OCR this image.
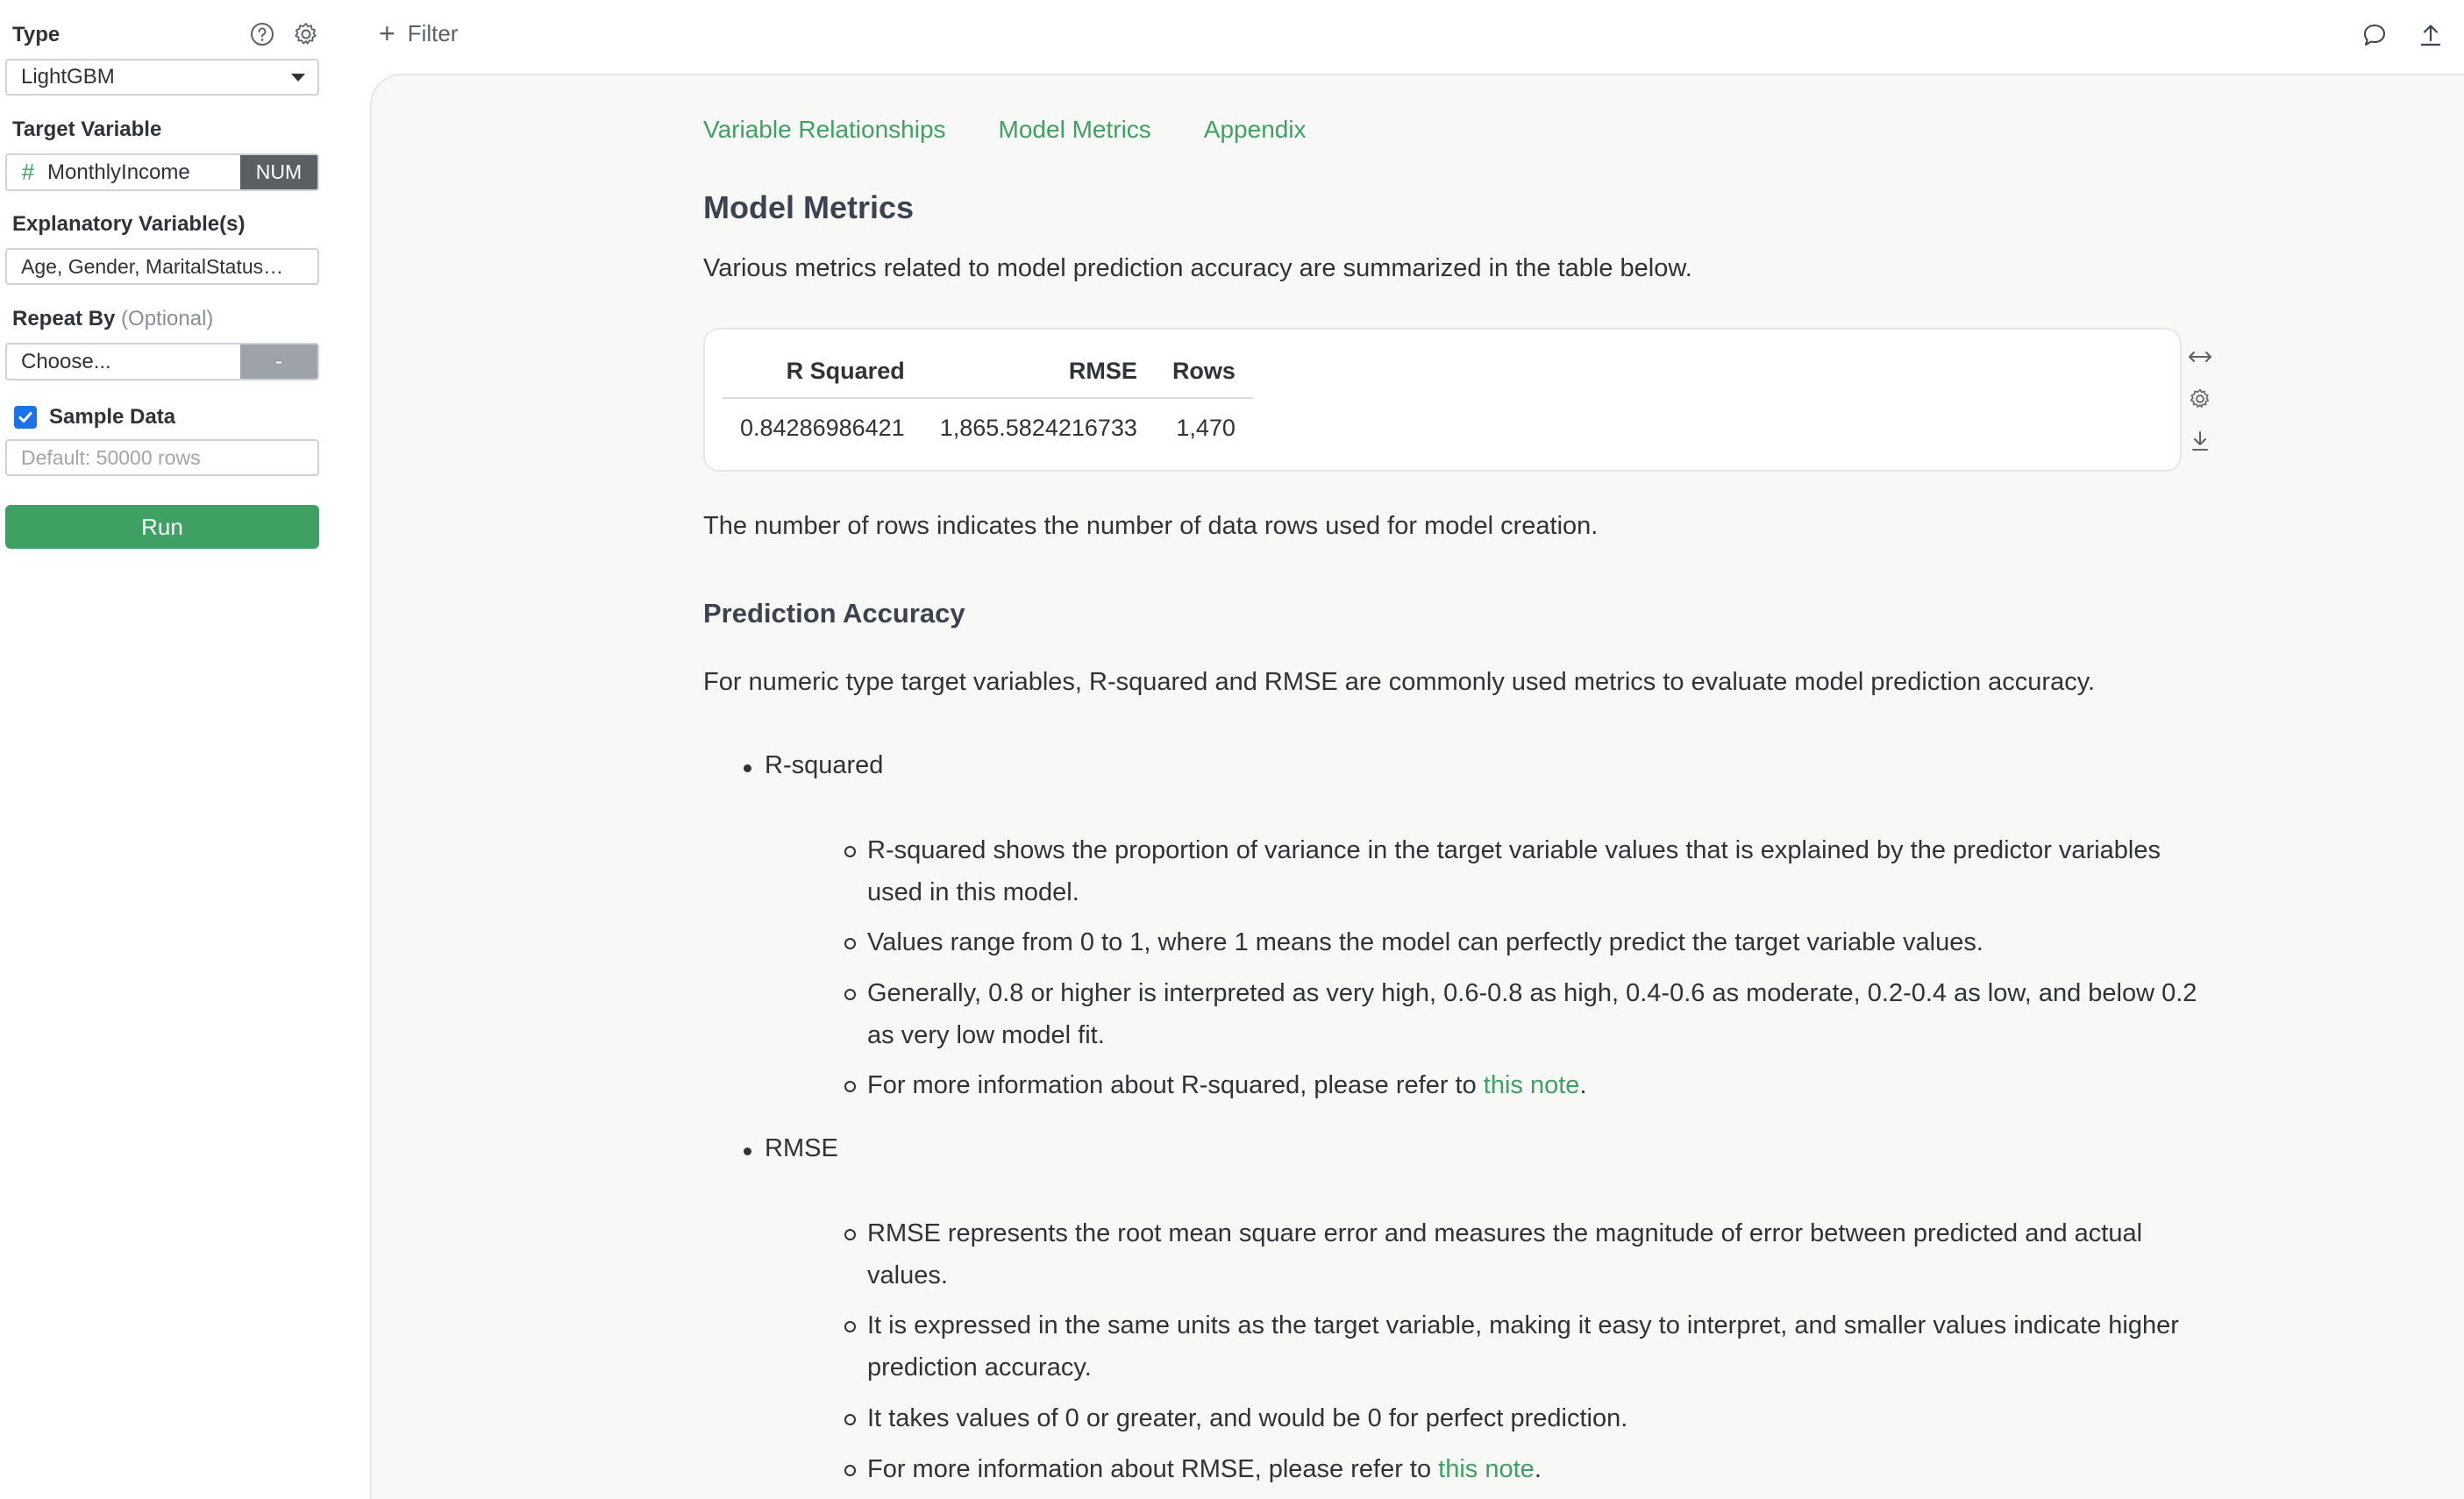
Type
LightGBM
Target Variable
# MonthlyIncome	NUM
Explanatory Variable(s)
Age, Gender, MaritalStatus…
Repeat By (Optional)
Choose...	-
Sample Data
Default: 50000 rows
Run
+ Filter
Variable Relationships Model Metrics Appendix
Model Metrics
Various metrics related to model prediction accuracy are summarized in the table below.
R Squared	RMSE	Rows
0.84286986421	1,865.5824216733	1,470
The number of rows indicates the number of data rows used for model creation.
Prediction Accuracy
For numeric type target variables, R-squared and RMSE are commonly used metrics to evaluate model prediction accuracy.
R-squared
R-squared shows the proportion of variance in the target variable values that is explained by the predictor variables used in this model.
Values range from 0 to 1, where 1 means the model can perfectly predict the target variable values.
Generally, 0.8 or higher is interpreted as very high, 0.6-0.8 as high, 0.4-0.6 as moderate, 0.2-0.4 as low, and below 0.2 as very low model fit.
For more information about R-squared, please refer to this note.
RMSE
RMSE represents the root mean square error and measures the magnitude of error between predicted and actual values.
It is expressed in the same units as the target variable, making it easy to interpret, and smaller values indicate higher prediction accuracy.
It takes values of 0 or greater, and would be 0 for perfect prediction.
For more information about RMSE, please refer to this note.
